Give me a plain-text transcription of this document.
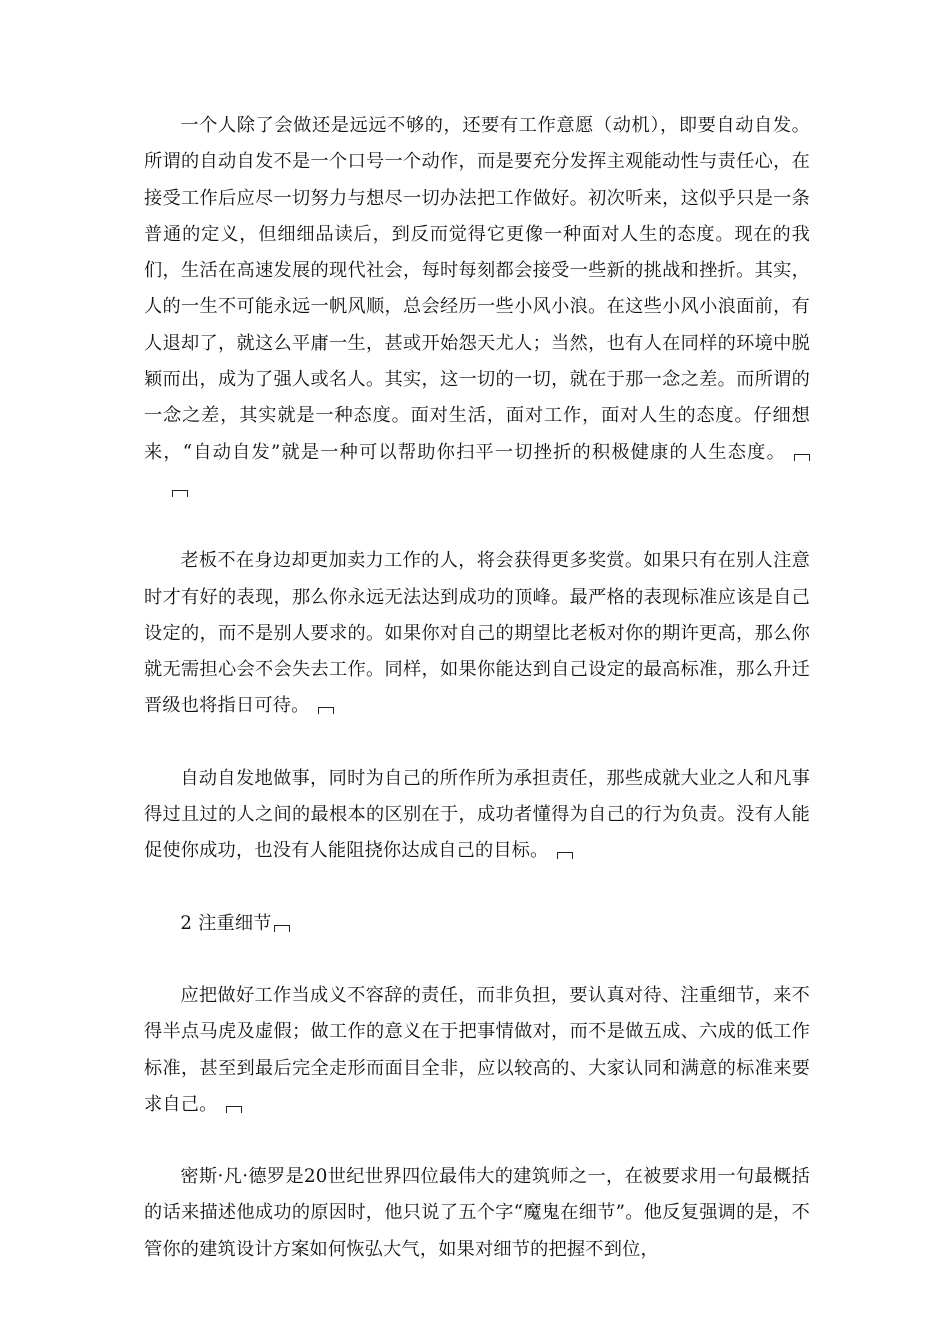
一个人除了会做还是远远不够的，还要有工作意愿（动机），即要自动自发。所谓的自动自发不是一个口号一个动作，而是要充分发挥主观能动性与责任心，在接受工作后应尽一切努力与想尽一切办法把工作做好。初次听来，这似乎只是一条普通的定义，但细细品读后，到反而觉得它更像一种面对人生的态度。现在的我们，生活在高速发展的现代社会，每时每刻都会接受一些新的挑战和挫折。其实，人的一生不可能永远一帆风顺，总会经历一些小风小浪。在这些小风小浪面前，有人退却了，就这么平庸一生，甚或开始怨天尤人；当然，也有人在同样的环境中脱颖而出，成为了强人或名人。其实，这一切的一切，就在于那一念之差。而所谓的一念之差，其实就是一种态度。面对生活，面对工作，面对人生的态度。仔细想来，“自动自发”就是一种可以帮助你扫平一切挫折的积极健康的人生态度。

老板不在身边却更加卖力工作的人，将会获得更多奖赏。如果只有在别人注意时才有好的表现，那么你永远无法达到成功的顶峰。最严格的表现标准应该是自己设定的，而不是别人要求的。如果你对自己的期望比老板对你的期许更高，那么你就无需担心会不会失去工作。同样，如果你能达到自己设定的最高标准，那么升迁晋级也将指日可待。

自动自发地做事，同时为自己的所作所为承担责任，那些成就大业之人和凡事得过且过的人之间的最根本的区别在于，成功者懂得为自己的行为负责。没有人能促使你成功，也没有人能阻挠你达成自己的目标。

2 注重细节

应把做好工作当成义不容辞的责任，而非负担，要认真对待、注重细节，来不得半点马虎及虚假；做工作的意义在于把事情做对，而不是做五成、六成的低工作标准，甚至到最后完全走形而面目全非，应以较高的、大家认同和满意的标准来要求自己。

密斯·凡·德罗是20世纪世界四位最伟大的建筑师之一，在被要求用一句最概括的话来描述他成功的原因时，他只说了五个字“魔鬼在细节”。他反复强调的是，不管你的建筑设计方案如何恢弘大气，如果对细节的把握不到位，
